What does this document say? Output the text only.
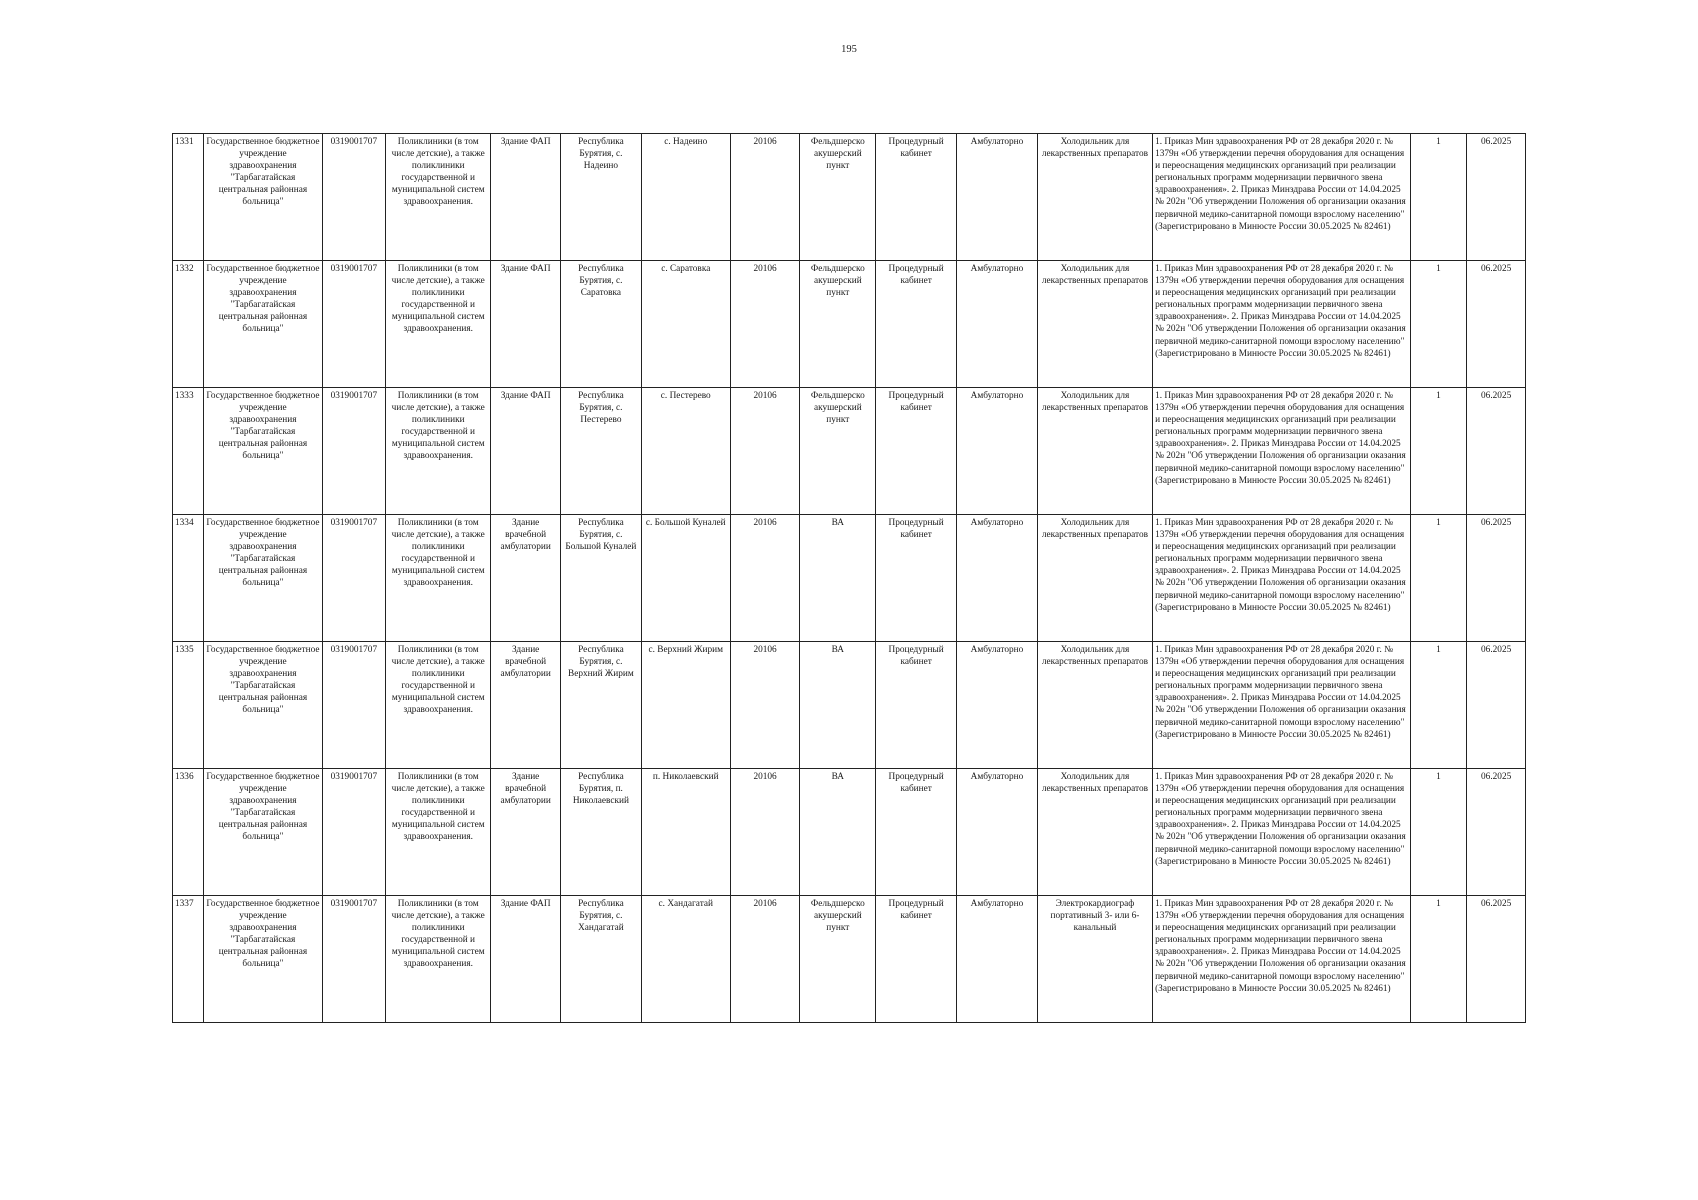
195
1331	Государственное бюджетное учреждение здравоохранения "Тарбагатайская центральная районная больница"	0319001707	Поликлиники (в том числе детские), а также поликлиники государственной и муниципальной систем здравоохранения.	Здание ФАП	Республика Бурятия, с. Надеино	с. Надеино	20106	Фельдшерско акушерский пункт	Процедурный кабинет	Амбулаторно	Холодильник для лекарственных препаратов	1. Приказ Мин здравоохранения РФ от 28 декабря 2020 г. № 1379н «Об утверждении перечня оборудования для оснащения и переоснащения медицинских организаций при реализации региональных программ модернизации первичного звена здравоохранения». 2. Приказ Минздрава России от 14.04.2025 № 202н "Об утверждении Положения об организации оказания первичной медико-санитарной помощи взрослому населению" (Зарегистрировано в Минюсте России 30.05.2025 № 82461)	1	06.2025
1332	Государственное бюджетное учреждение здравоохранения "Тарбагатайская центральная районная больница"	0319001707	Поликлиники (в том числе детские), а также поликлиники государственной и муниципальной систем здравоохранения.	Здание ФАП	Республика Бурятия, с. Саратовка	с. Саратовка	20106	Фельдшерско акушерский пункт	Процедурный кабинет	Амбулаторно	Холодильник для лекарственных препаратов	1. Приказ Мин здравоохранения РФ от 28 декабря 2020 г. № 1379н «Об утверждении перечня оборудования для оснащения и переоснащения медицинских организаций при реализации региональных программ модернизации первичного звена здравоохранения». 2. Приказ Минздрава России от 14.04.2025 № 202н "Об утверждении Положения об организации оказания первичной медико-санитарной помощи взрослому населению" (Зарегистрировано в Минюсте России 30.05.2025 № 82461)	1	06.2025
1333	Государственное бюджетное учреждение здравоохранения "Тарбагатайская центральная районная больница"	0319001707	Поликлиники (в том числе детские), а также поликлиники государственной и муниципальной систем здравоохранения.	Здание ФАП	Республика Бурятия, с. Пестерево	с. Пестерево	20106	Фельдшерско акушерский пункт	Процедурный кабинет	Амбулаторно	Холодильник для лекарственных препаратов	1. Приказ Мин здравоохранения РФ от 28 декабря 2020 г. № 1379н «Об утверждении перечня оборудования для оснащения и переоснащения медицинских организаций при реализации региональных программ модернизации первичного звена здравоохранения». 2. Приказ Минздрава России от 14.04.2025 № 202н "Об утверждении Положения об организации оказания первичной медико-санитарной помощи взрослому населению" (Зарегистрировано в Минюсте России 30.05.2025 № 82461)	1	06.2025
1334	Государственное бюджетное учреждение здравоохранения "Тарбагатайская центральная районная больница"	0319001707	Поликлиники (в том числе детские), а также поликлиники государственной и муниципальной систем здравоохранения.	Здание врачебной амбулатории	Республика Бурятия, с. Большой Куналей	с. Большой Куналей	20106	ВА	Процедурный кабинет	Амбулаторно	Холодильник для лекарственных препаратов	1. Приказ Мин здравоохранения РФ от 28 декабря 2020 г. № 1379н «Об утверждении перечня оборудования для оснащения и переоснащения медицинских организаций при реализации региональных программ модернизации первичного звена здравоохранения». 2. Приказ Минздрава России от 14.04.2025 № 202н "Об утверждении Положения об организации оказания первичной медико-санитарной помощи взрослому населению" (Зарегистрировано в Минюсте России 30.05.2025 № 82461)	1	06.2025
1335	Государственное бюджетное учреждение здравоохранения "Тарбагатайская центральная районная больница"	0319001707	Поликлиники (в том числе детские), а также поликлиники государственной и муниципальной систем здравоохранения.	Здание врачебной амбулатории	Республика Бурятия, с. Верхний Жирим	с. Верхний Жирим	20106	ВА	Процедурный кабинет	Амбулаторно	Холодильник для лекарственных препаратов	1. Приказ Мин здравоохранения РФ от 28 декабря 2020 г. № 1379н «Об утверждении перечня оборудования для оснащения и переоснащения медицинских организаций при реализации региональных программ модернизации первичного звена здравоохранения». 2. Приказ Минздрава России от 14.04.2025 № 202н "Об утверждении Положения об организации оказания первичной медико-санитарной помощи взрослому населению" (Зарегистрировано в Минюсте России 30.05.2025 № 82461)	1	06.2025
1336	Государственное бюджетное учреждение здравоохранения "Тарбагатайская центральная районная больница"	0319001707	Поликлиники (в том числе детские), а также поликлиники государственной и муниципальной систем здравоохранения.	Здание врачебной амбулатории	Республика Бурятия, п. Николаевский	п. Николаевский	20106	ВА	Процедурный кабинет	Амбулаторно	Холодильник для лекарственных препаратов	1. Приказ Мин здравоохранения РФ от 28 декабря 2020 г. № 1379н «Об утверждении перечня оборудования для оснащения и переоснащения медицинских организаций при реализации региональных программ модернизации первичного звена здравоохранения». 2. Приказ Минздрава России от 14.04.2025 № 202н "Об утверждении Положения об организации оказания первичной медико-санитарной помощи взрослому населению" (Зарегистрировано в Минюсте России 30.05.2025 № 82461)	1	06.2025
1337	Государственное бюджетное учреждение здравоохранения "Тарбагатайская центральная районная больница"	0319001707	Поликлиники (в том числе детские), а также поликлиники государственной и муниципальной систем здравоохранения.	Здание ФАП	Республика Бурятия, с. Хандагатай	с. Хандагатай	20106	Фельдшерско акушерский пункт	Процедурный кабинет	Амбулаторно	Электрокардиограф портативный 3- или 6-канальный	1. Приказ Мин здравоохранения РФ от 28 декабря 2020 г. № 1379н «Об утверждении перечня оборудования для оснащения и переоснащения медицинских организаций при реализации региональных программ модернизации первичного звена здравоохранения». 2. Приказ Минздрава России от 14.04.2025 № 202н "Об утверждении Положения об организации оказания первичной медико-санитарной помощи взрослому населению" (Зарегистрировано в Минюсте России 30.05.2025 № 82461)	1	06.2025
